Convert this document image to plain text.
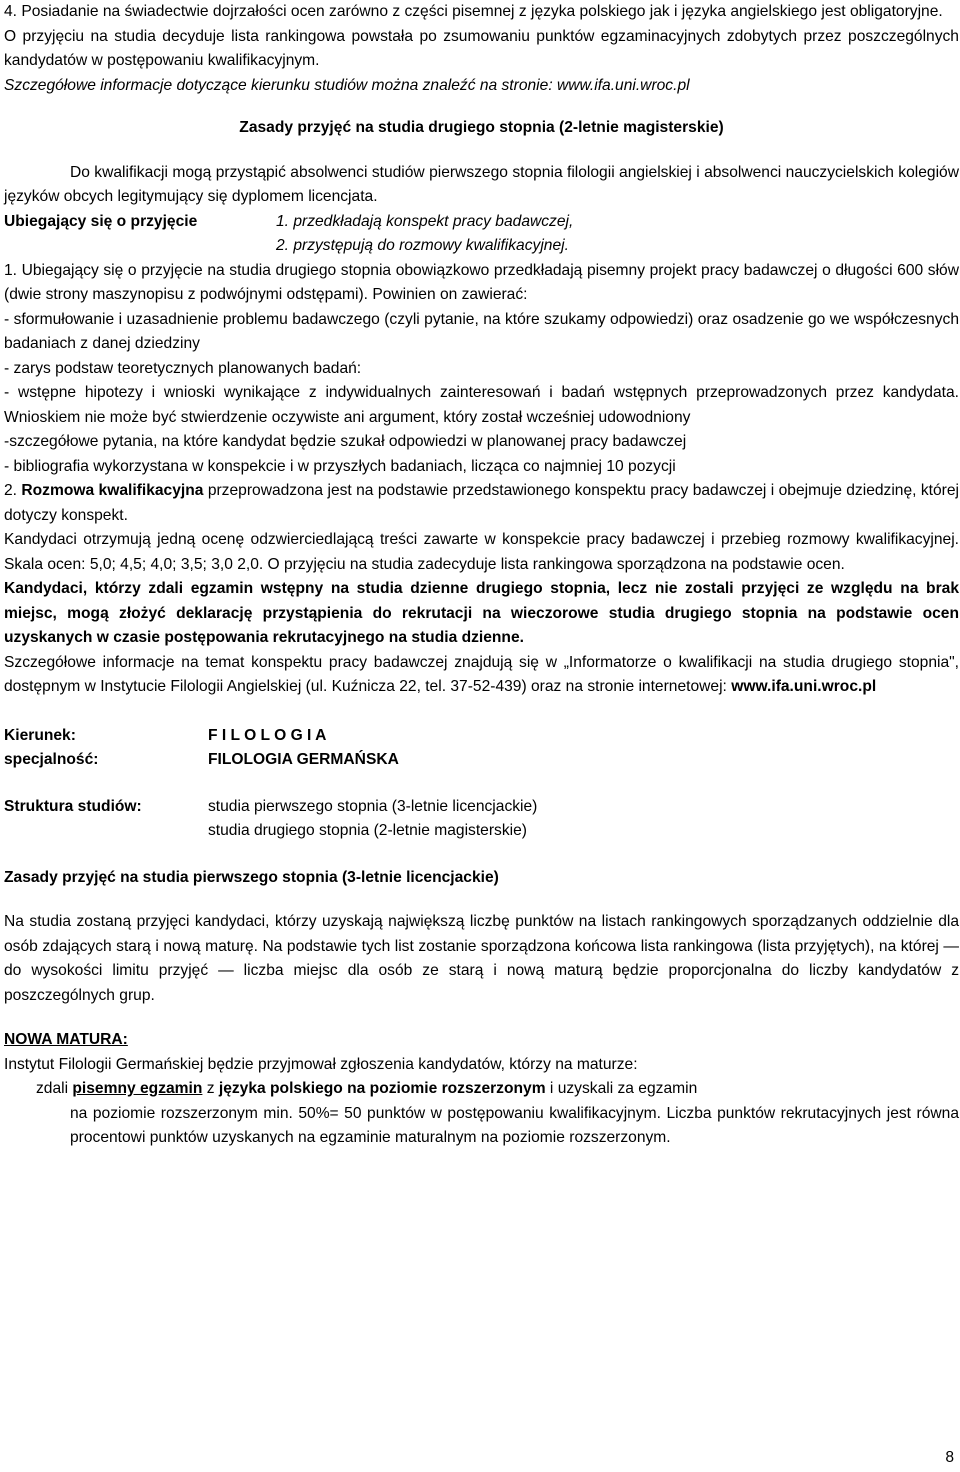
4. Posiadanie na świadectwie dojrzałości ocen zarówno z części pisemnej z języka polskiego jak i języka angielskiego jest obligatoryjne.

O przyjęciu na studia decyduje lista rankingowa powstała po zsumowaniu punktów egzaminacyjnych zdobytych przez poszczególnych kandydatów w postępowaniu kwalifikacyjnym.

Szczegółowe informacje dotyczące kierunku studiów można znaleźć na stronie: www.ifa.uni.wroc.pl

Zasady przyjęć na studia drugiego stopnia (2-letnie magisterskie)

Do kwalifikacji mogą przystąpić absolwenci studiów pierwszego stopnia filologii angielskiej i absolwenci nauczycielskich kolegiów języków obcych legitymujący się dyplomem licencjata.

Ubiegający się o przyjęcie	1. przedkładają konspekt pracy badawczej,
2. przystępują do rozmowy kwalifikacyjnej.

1. Ubiegający się o przyjęcie na studia drugiego stopnia obowiązkowo przedkładają pisemny projekt pracy badawczej o długości 600 słów (dwie strony maszynopisu z podwójnymi odstępami). Powinien on zawierać:

- sformułowanie i uzasadnienie problemu badawczego (czyli pytanie, na które szukamy odpowiedzi) oraz osadzenie go we współczesnych badaniach z danej dziedziny

- zarys podstaw teoretycznych planowanych badań:

- wstępne hipotezy i wnioski wynikające z indywidualnych zainteresowań i badań wstępnych przeprowadzonych przez kandydata. Wnioskiem nie może być stwierdzenie oczywiste ani argument, który został wcześniej udowodniony

-szczegółowe pytania, na które kandydat będzie szukał odpowiedzi w planowanej pracy badawczej

- bibliografia wykorzystana w konspekcie i w przyszłych badaniach, licząca co najmniej 10 pozycji

2. Rozmowa kwalifikacyjna przeprowadzona jest na podstawie przedstawionego konspektu pracy badawczej i obejmuje dziedzinę, której dotyczy konspekt.

Kandydaci otrzymują jedną ocenę odzwierciedlającą treści zawarte w konspekcie pracy badawczej i przebieg rozmowy kwalifikacyjnej. Skala ocen: 5,0; 4,5; 4,0; 3,5; 3,0 2,0. O przyjęciu na studia zadecyduje lista rankingowa sporządzona na podstawie ocen.

Kandydaci, którzy zdali egzamin wstępny na studia dzienne drugiego stopnia, lecz nie zostali przyjęci ze względu na brak miejsc, mogą złożyć deklarację przystąpienia do rekrutacji na wieczorowe studia drugiego stopnia na podstawie ocen uzyskanych w czasie postępowania rekrutacyjnego na studia dzienne.

Szczegółowe informacje na temat konspektu pracy badawczej znajdują się w „Informatorze o kwalifikacji na studia drugiego stopnia", dostępnym w Instytucie Filologii Angielskiej (ul. Kuźnicza 22, tel. 37-52-439) oraz na stronie internetowej: www.ifa.uni.wroc.pl

Kierunek:	F I L O L O G I A
specjalność:	FILOLOGIA GERMAŃSKA
Struktura studiów:	studia pierwszego stopnia (3-letnie licencjackie)
studia drugiego stopnia (2-letnie magisterskie)

Zasady przyjęć na studia pierwszego stopnia (3-letnie licencjackie)

Na studia zostaną przyjęci kandydaci, którzy uzyskają największą liczbę punktów na listach rankingowych sporządzanych oddzielnie dla osób zdających starą i nową maturę. Na podstawie tych list zostanie sporządzona końcowa lista rankingowa (lista przyjętych), na której — do wysokości limitu przyjęć — liczba miejsc dla osób ze starą i nową maturą będzie proporcjonalna do liczby kandydatów z poszczególnych grup.

NOWA MATURA:

Instytut Filologii Germańskiej będzie przyjmował zgłoszenia kandydatów, którzy na maturze:

zdali pisemny egzamin z języka polskiego na poziomie rozszerzonym i uzyskali za egzamin

na poziomie rozszerzonym min. 50%= 50 punktów w postępowaniu kwalifikacyjnym. Liczba punktów rekrutacyjnych jest równa procentowi punktów uzyskanych na egzaminie maturalnym na poziomie rozszerzonym.

8
